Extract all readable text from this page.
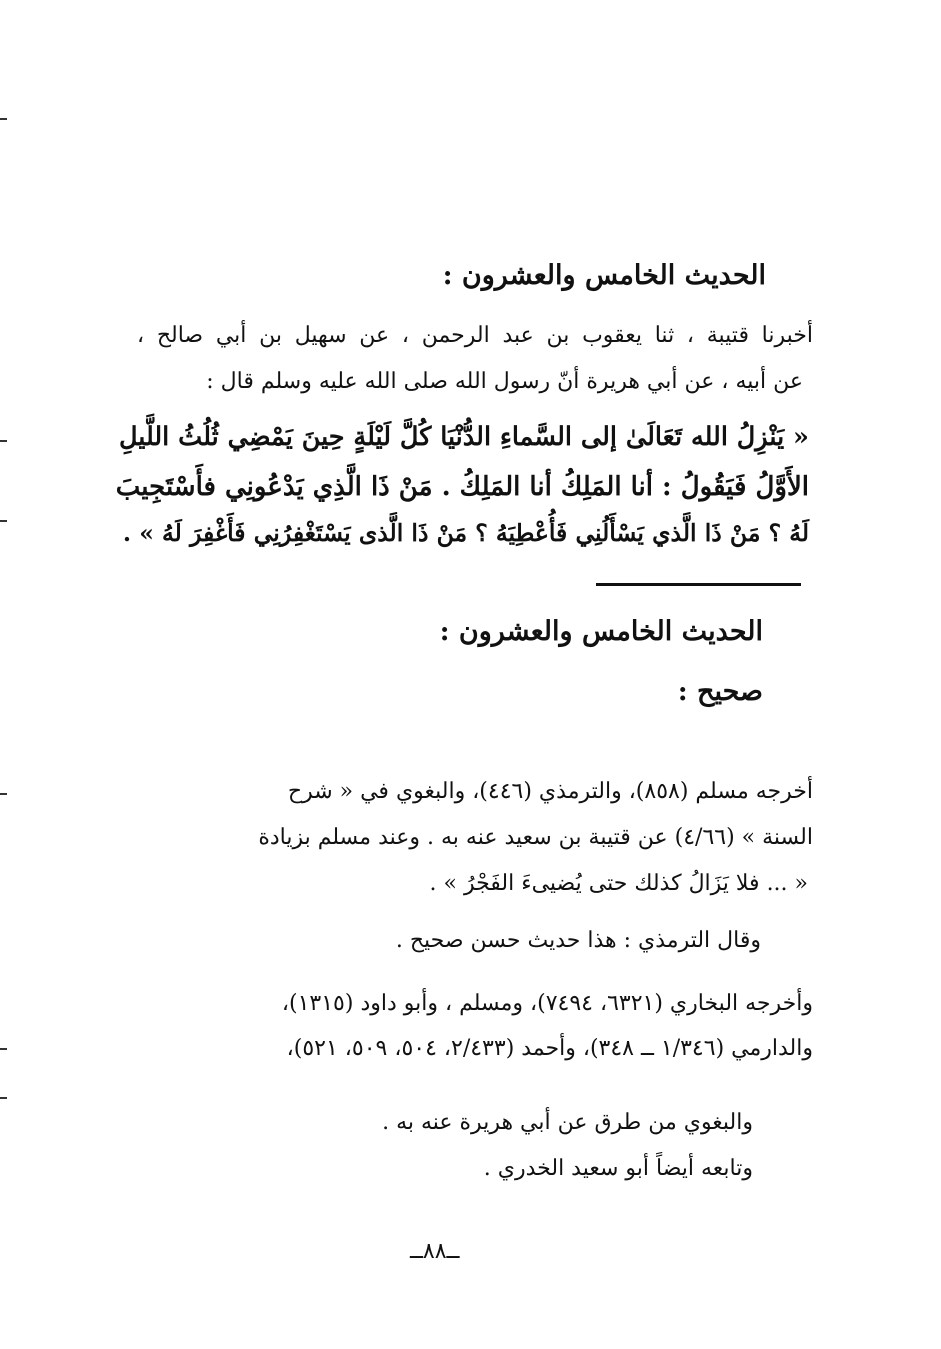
الحديث الخامس والعشرون :
أخبرنا قتيبة ، ثنا يعقوب بن عبد الرحمن ، عن سهيل بن أبي صالح ،
عن أبيه ، عن أبي هريرة أنّ رسول الله صلى الله عليه وسلم قال :
« يَنْزِلُ الله تَعَالَىٰ إلى السَّماءِ الدُّنْيَا كُلَّ لَيْلَةٍ حِينَ يَمْضِي ثُلُثُ اللَّيلِ
الأَوَّلُ فَيَقُولُ : أنا المَلِكُ أنا المَلِكُ . مَنْ ذَا الَّذِي يَدْعُونِي فأَسْتَجِيبَ
لَهُ ؟ مَنْ ذَا الَّذي يَسْأَلُنِي فَأُعْطِيَهُ ؟ مَنْ ذَا الَّذى يَسْتَغْفِرُنِي فَأَغْفِرَ لَهُ » .
الحديث الخامس والعشرون :
صحيح :
أخرجه مسلم (٨٥٨)، والترمذي (٤٤٦)، والبغوي في « شرح
السنة » (٤/٦٦) عن قتيبة بن سعيد عنه به . وعند مسلم بزيادة
« ... فلا يَزَالُ كذلك حتى يُضيىءَ الفَجْرُ » .
وقال الترمذي : هذا حديث حسن صحيح .
وأخرجه البخاري (٦٣٢١، ٧٤٩٤)، ومسلم ، وأبو داود (١٣١٥)،
والدارمي (١/٣٤٦ ــ ٣٤٨)، وأحمد (٢/٤٣٣، ٥٠٤، ٥٠٩، ٥٢١)،
والبغوي من طرق عن أبي هريرة عنه به .
وتابعه أيضاً أبو سعيد الخدري .
ــ٨٨ــ
